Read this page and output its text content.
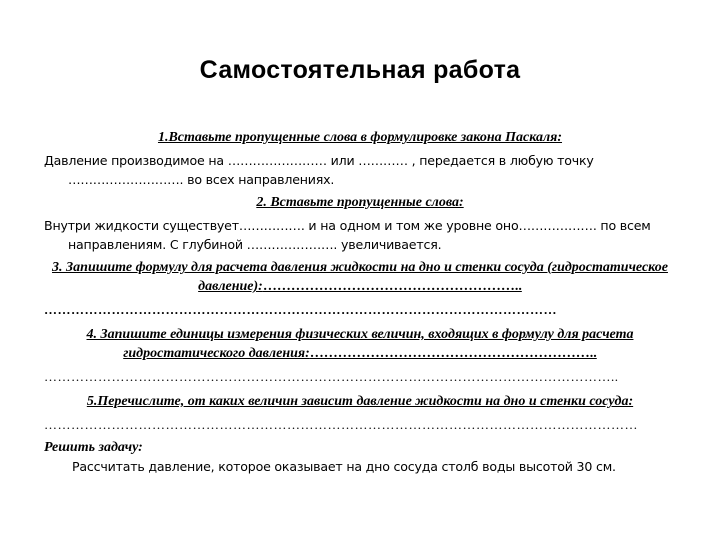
Самостоятельная работа
1.Вставьте пропущенные слова в формулировке закона Паскаля:
Давление производимое на …………………… или ………… , передается в любую точку ………………………. во всех направлениях.
2. Вставьте пропущенные слова:
Внутри жидкости существует……………. и на одном и том же уровне оно………………. по всем направлениям. С глубиной …………………. увеличивается.
3. Запишите формулу для расчета давления жидкости на дно и стенки сосуда (гидростатическое давление):………………………………………………..
……………………………………………………………………………………………………
4. Запишите единицы измерения физических величин, входящих в формулу для расчета гидростатического давления:……………………………………………………..
………………………………………………………………………………………………………………..
5.Перечислите, от каких величин зависит давление жидкости на дно и стенки сосуда:
……………………………………………………………………………………………………………………
Решить задачу:
Рассчитать давление, которое оказывает на дно сосуда столб воды высотой 30 см.
